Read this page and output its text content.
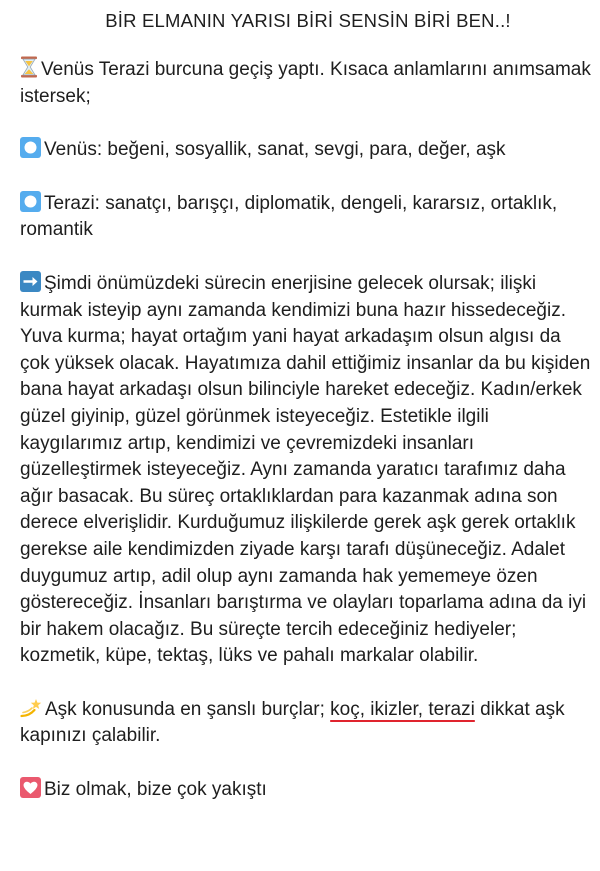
BİR ELMANIN YARISI BİRİ SENSİN BİRİ BEN..!
Venüs Terazi burcuna geçiş yaptı. Kısaca anlamlarını anımsamak istersek;
Venüs: beğeni, sosyallik, sanat, sevgi, para, değer, aşk
Terazi: sanatçı, barışçı, diplomatik, dengeli, kararsız, ortaklık, romantik
Şimdi önümüzdeki sürecin enerjisine gelecek olursak; ilişki kurmak isteyip aynı zamanda kendimizi buna hazır hissedeceğiz. Yuva kurma; hayat ortağım yani hayat arkadaşım olsun algısı da çok yüksek olacak. Hayatımıza dahil ettiğimiz insanlar da bu kişiden bana hayat arkadaşı olsun bilinciyle hareket edeceğiz. Kadın/erkek güzel giyinip, güzel görünmek isteyeceğiz. Estetikle ilgili kaygılarımız artıp, kendimizi ve çevremizdeki insanları güzelleştirmek isteyeceğiz. Aynı zamanda yaratıcı tarafımız daha ağır basacak. Bu süreç ortaklıklardan para kazanmak adına son derece elverişlidir. Kurduğumuz ilişkilerde gerek aşk gerek ortaklık gerekse aile kendimizden ziyade karşı tarafı düşüneceğiz. Adalet duygumuz artıp, adil olup aynı zamanda hak yememeye özen göstereceğiz. İnsanları barıştırma ve olayları toparlama adına da iyi bir hakem olacağız. Bu süreçte tercih edeceğiniz hediyeler; kozmetik, küpe, tektaş, lüks ve pahalı markalar olabilir.
Aşk konusunda en şanslı burçlar; koç, ikizler, terazi dikkat aşk kapınızı çalabilir.
Biz olmak, bize çok yakıştı
